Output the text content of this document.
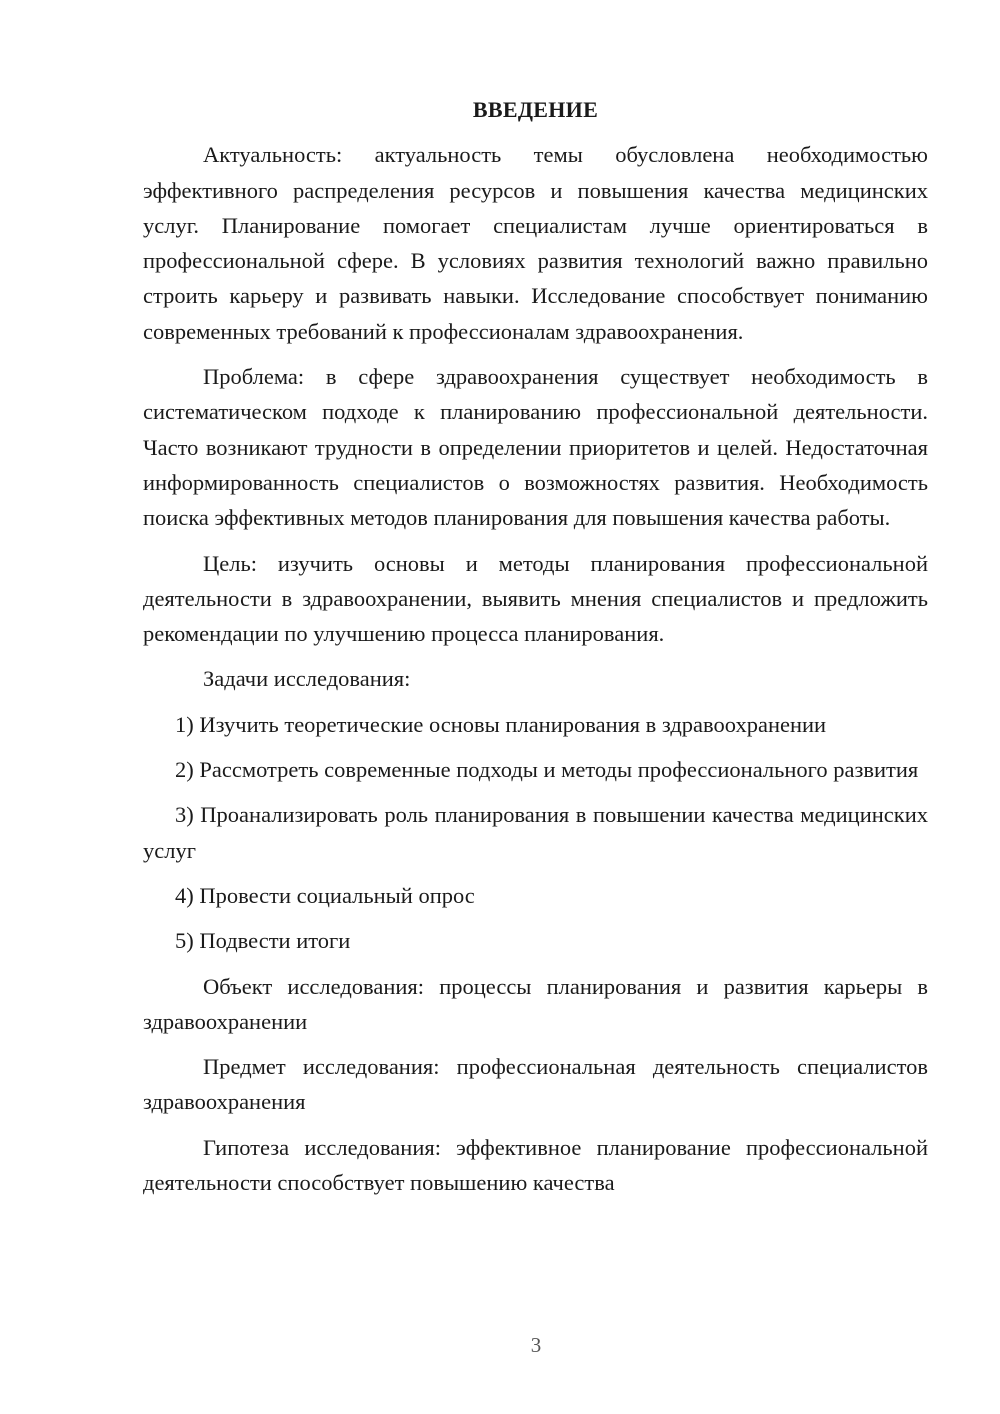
ВВЕДЕНИЕ

Актуальность: актуальность темы обусловлена необходимостью эффективного распределения ресурсов и повышения качества медицинских услуг. Планирование помогает специалистам лучше ориентироваться в профессиональной сфере. В условиях развития технологий важно правильно строить карьеру и развивать навыки. Исследование способствует пониманию современных требований к профессионалам здравоохранения.

Проблема: в сфере здравоохранения существует необходимость в систематическом подходе к планированию профессиональной деятельности. Часто возникают трудности в определении приоритетов и целей. Недостаточная информированность специалистов о возможностях развития. Необходимость поиска эффективных методов планирования для повышения качества работы.

Цель: изучить основы и методы планирования профессиональной деятельности в здравоохранении, выявить мнения специалистов и предложить рекомендации по улучшению процесса планирования.

Задачи исследования:

1) Изучить теоретические основы планирования в здравоохранении

2) Рассмотреть современные подходы и методы профессионального развития

3) Проанализировать роль планирования в повышении качества медицинских услуг

4) Провести социальный опрос

5) Подвести итоги

Объект исследования: процессы планирования и развития карьеры в здравоохранении

Предмет исследования: профессиональная деятельность специалистов здравоохранения

Гипотеза исследования: эффективное планирование профессиональной деятельности способствует повышению качества

3
